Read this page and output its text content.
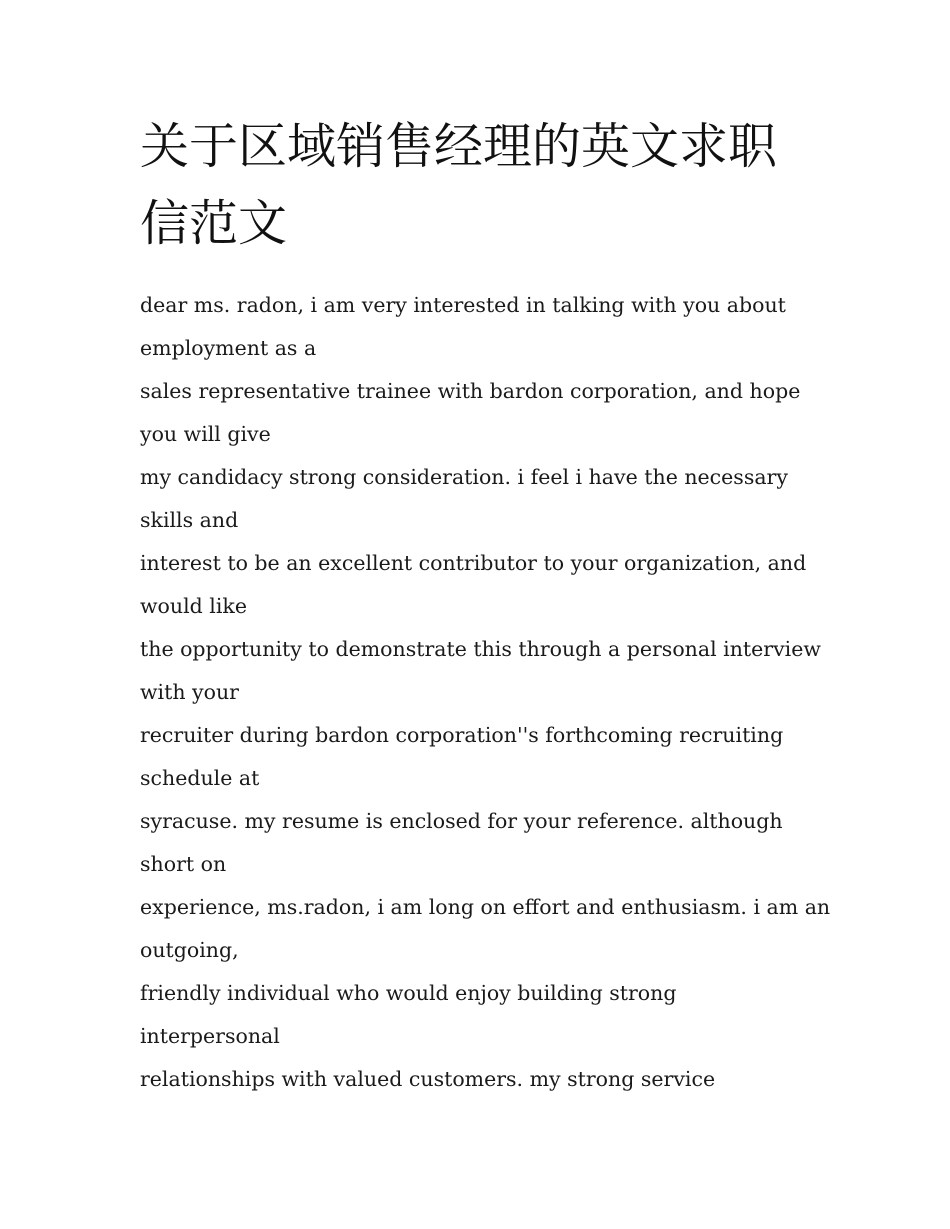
关于区域销售经理的英文求职信范文
dear ms. radon, i am very interested in talking with you about
employment as a
sales representative trainee with bardon corporation, and hope
you will give
my candidacy strong consideration. i feel i have the necessary
skills and
interest to be an excellent contributor to your organization, and
would like
the opportunity to demonstrate this through a personal interview
with your
recruiter during bardon corporation''s forthcoming recruiting
schedule at
syracuse. my resume is enclosed for your reference. although
short on
experience, ms.radon, i am long on effort and enthusiasm. i am an
outgoing,
friendly individual who would enjoy building strong
interpersonal
relationships with valued customers. my strong service
